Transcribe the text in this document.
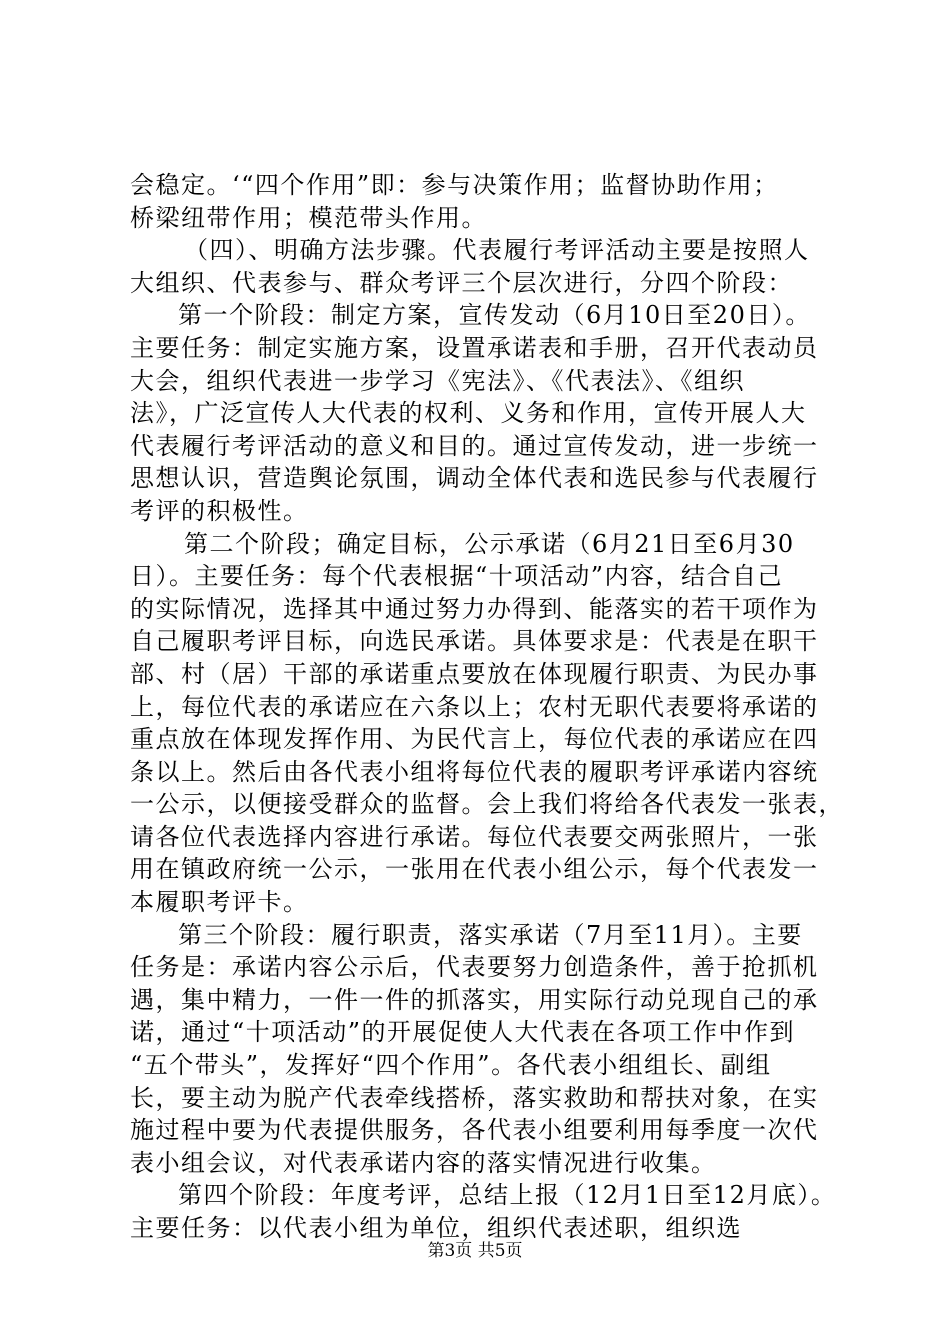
会稳定。‘“四个作用”即：参与决策作用；监督协助作用；
桥梁纽带作用；模范带头作用。
（四）、明确方法步骤。代表履行考评活动主要是按照人
大组织、代表参与、群众考评三个层次进行，分四个阶段：
第一个阶段：制定方案，宣传发动（6月10日至20日）。
主要任务：制定实施方案，设置承诺表和手册，召开代表动员
大会，组织代表进一步学习《宪法》、《代表法》、《组织
法》，广泛宣传人大代表的权利、义务和作用，宣传开展人大
代表履行考评活动的意义和目的。通过宣传发动，进一步统一
思想认识，营造舆论氛围，调动全体代表和选民参与代表履行
考评的积极性。
第二个阶段；确定目标，公示承诺（6月21日至6月30
日）。主要任务：每个代表根据“十项活动”内容，结合自己
的实际情况，选择其中通过努力办得到、能落实的若干项作为
自己履职考评目标，向选民承诺。具体要求是：代表是在职干
部、村（居）干部的承诺重点要放在体现履行职责、为民办事
上，每位代表的承诺应在六条以上；农村无职代表要将承诺的
重点放在体现发挥作用、为民代言上，每位代表的承诺应在四
条以上。然后由各代表小组将每位代表的履职考评承诺内容统
一公示，以便接受群众的监督。会上我们将给各代表发一张表，
请各位代表选择内容进行承诺。每位代表要交两张照片，一张
用在镇政府统一公示，一张用在代表小组公示，每个代表发一
本履职考评卡。
第三个阶段：履行职责，落实承诺（7月至11月）。主要
任务是：承诺内容公示后，代表要努力创造条件，善于抢抓机
遇，集中精力，一件一件的抓落实，用实际行动兑现自己的承
诺，通过“十项活动”的开展促使人大代表在各项工作中作到
“五个带头”，发挥好“四个作用”。各代表小组组长、副组
长，要主动为脱产代表牵线搭桥，落实救助和帮扶对象，在实
施过程中要为代表提供服务，各代表小组要利用每季度一次代
表小组会议，对代表承诺内容的落实情况进行收集。
第四个阶段：年度考评，总结上报（12月1日至12月底）。
主要任务：以代表小组为单位，组织代表述职，组织选
第3页 共5页
